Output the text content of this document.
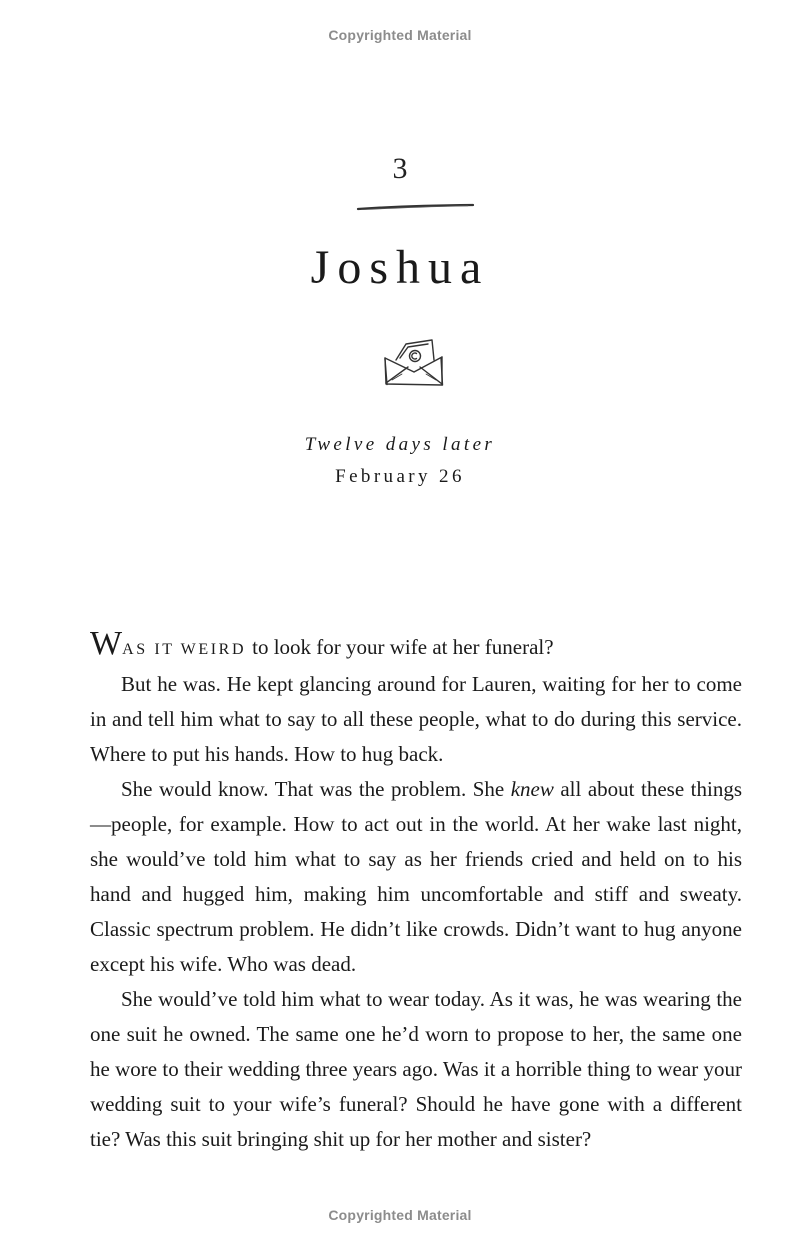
Copyrighted Material
3
Joshua
Twelve days later
February 26

WAS IT WEIRD to look for your wife at her funeral?

But he was. He kept glancing around for Lauren, waiting for her to come in and tell him what to say to all these people, what to do during this service. Where to put his hands. How to hug back.

She would know. That was the problem. She knew all about these things—people, for example. How to act out in the world. At her wake last night, she would’ve told him what to say as her friends cried and held on to his hand and hugged him, making him uncomfortable and stiff and sweaty. Classic spectrum problem. He didn’t like crowds. Didn’t want to hug anyone except his wife. Who was dead.

She would’ve told him what to wear today. As it was, he was wearing the one suit he owned. The same one he’d worn to propose to her, the same one he wore to their wedding three years ago. Was it a horrible thing to wear your wedding suit to your wife’s funeral? Should he have gone with a different tie? Was this suit bringing shit up for her mother and sister?

Copyrighted Material
